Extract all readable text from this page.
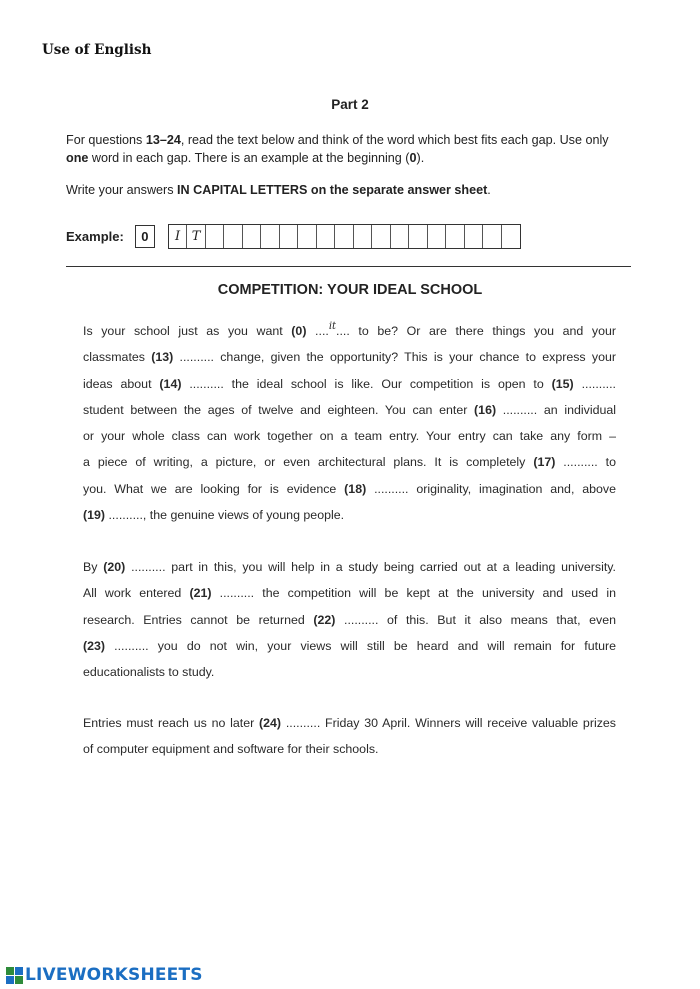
Use of English
Part 2
For questions 13–24, read the text below and think of the word which best fits each gap. Use only
one word in each gap. There is an example at the beginning (0).
Write your answers IN CAPITAL LETTERS on the separate answer sheet.
Example:	0	I T
COMPETITION: YOUR IDEAL SCHOOL
Is your school just as you want (0) ....$^{it}$.... to be? Or are there things you and your
classmates (13) .......... change, given the opportunity? This is your chance to express your
ideas about (14) .......... the ideal school is like. Our competition is open to (15) ..........
student between the ages of twelve and eighteen. You can enter (16) .......... an individual
or your whole class can work together on a team entry. Your entry can take any form –
a piece of writing, a picture, or even architectural plans. It is completely (17) .......... to
you. What we are looking for is evidence (18) .......... originality, imagination and, above
(19) .........., the genuine views of young people.
By (20) .......... part in this, you will help in a study being carried out at a leading university.
All work entered (21) .......... the competition will be kept at the university and used in
research. Entries cannot be returned (22) .......... of this. But it also means that, even
(23) .......... you do not win, your views will still be heard and will remain for future
educationalists to study.
Entries must reach us no later (24) .......... Friday 30 April. Winners will receive valuable prizes
of computer equipment and software for their schools.
LIVEWORKSHEETS
